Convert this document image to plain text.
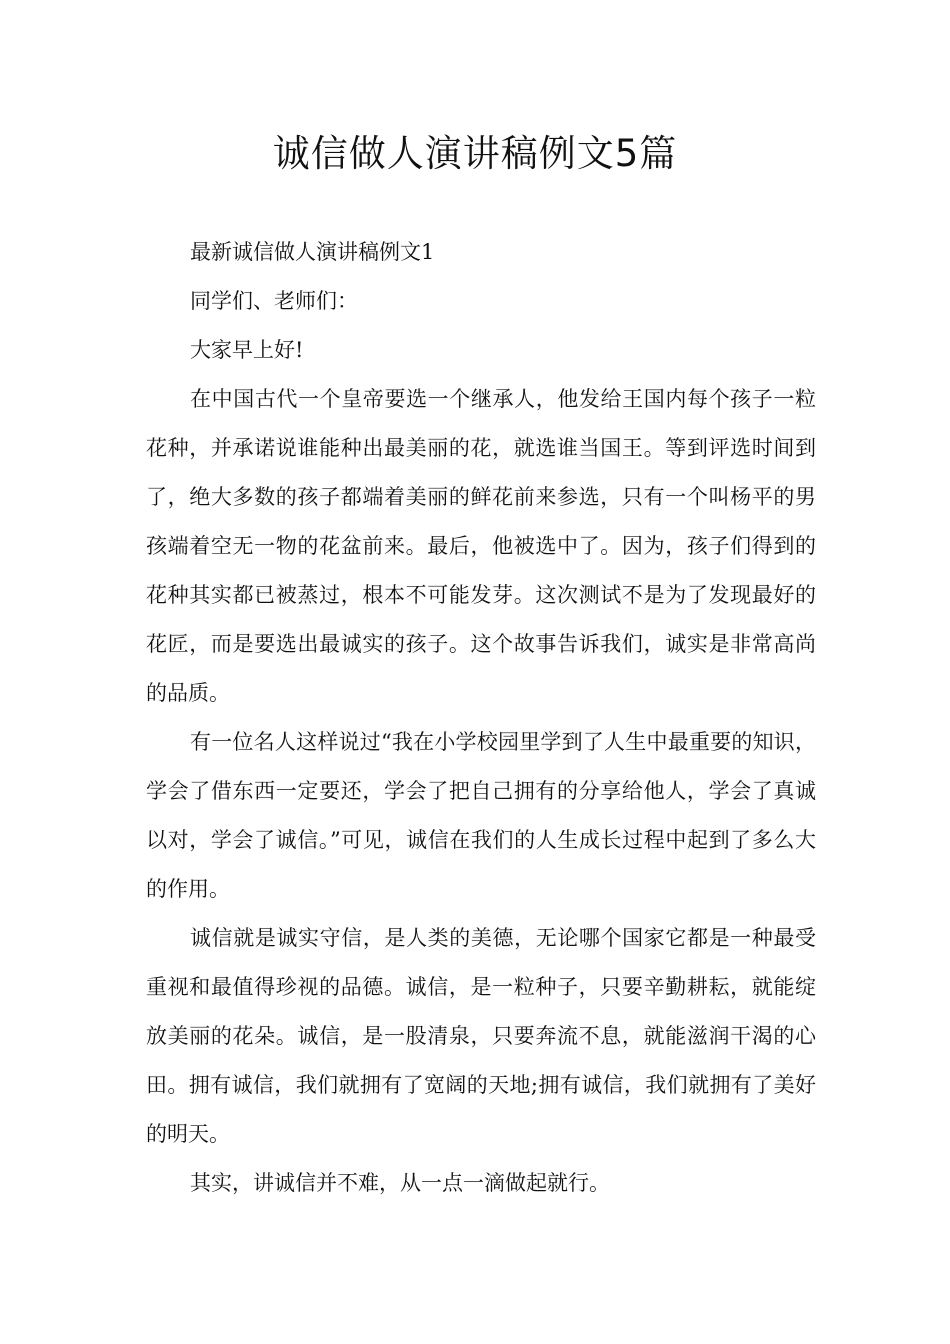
诚信做人演讲稿例文5篇

最新诚信做人演讲稿例文1

同学们、老师们：

大家早上好!

在中国古代一个皇帝要选一个继承人，他发给王国内每个孩子一粒花种，并承诺说谁能种出最美丽的花，就选谁当国王。等到评选时间到了，绝大多数的孩子都端着美丽的鲜花前来参选，只有一个叫杨平的男孩端着空无一物的花盆前来。最后，他被选中了。因为，孩子们得到的花种其实都已被蒸过，根本不可能发芽。这次测试不是为了发现最好的花匠，而是要选出最诚实的孩子。这个故事告诉我们，诚实是非常高尚的品质。

有一位名人这样说过“我在小学校园里学到了人生中最重要的知识，学会了借东西一定要还，学会了把自己拥有的分享给他人，学会了真诚以对，学会了诚信。”可见，诚信在我们的人生成长过程中起到了多么大的作用。

诚信就是诚实守信，是人类的美德，无论哪个国家它都是一种最受重视和最值得珍视的品德。诚信，是一粒种子，只要辛勤耕耘，就能绽放美丽的花朵。诚信，是一股清泉，只要奔流不息，就能滋润干渴的心田。拥有诚信，我们就拥有了宽阔的天地;拥有诚信，我们就拥有了美好的明天。

其实，讲诚信并不难，从一点一滴做起就行。
